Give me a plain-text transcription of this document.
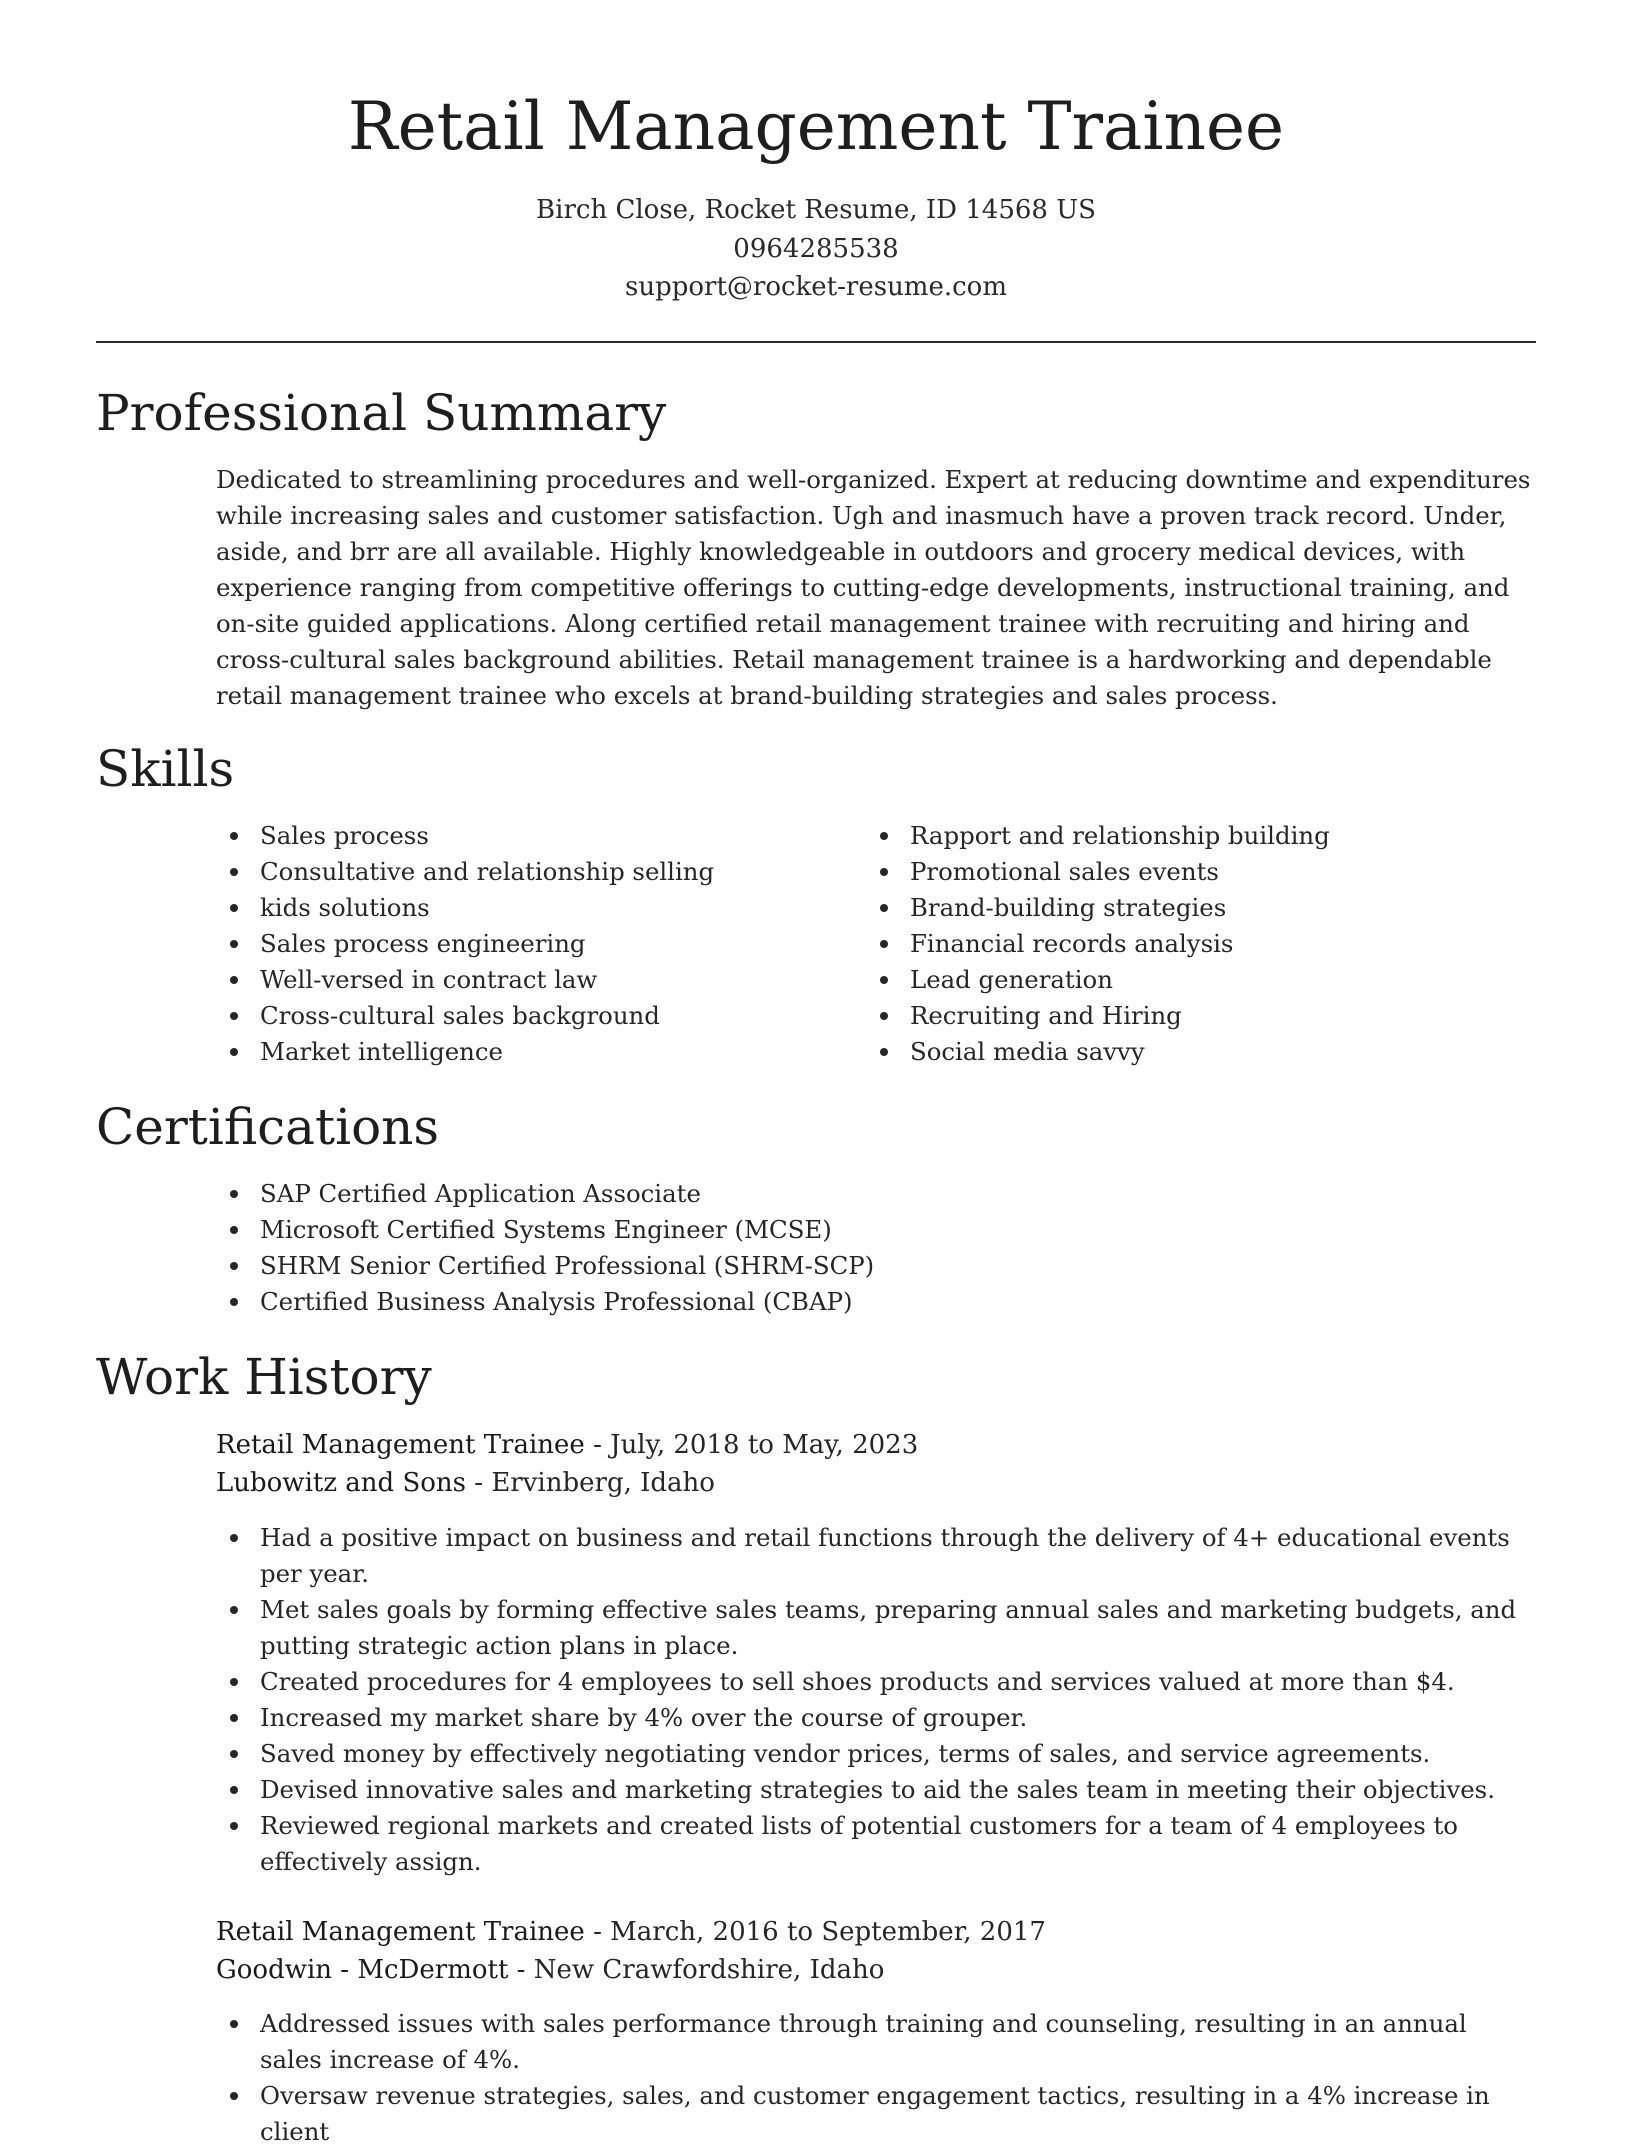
Retail Management Trainee
Birch Close, Rocket Resume, ID 14568 US
0964285538
support@rocket-resume.com
Professional Summary

Dedicated to streamlining procedures and well-organized. Expert at reducing downtime and expenditures while increasing sales and customer satisfaction. Ugh and inasmuch have a proven track record. Under, aside, and brr are all available. Highly knowledgeable in outdoors and grocery medical devices, with experience ranging from competitive offerings to cutting-edge developments, instructional training, and on-site guided applications. Along certified retail management trainee with recruiting and hiring and cross-cultural sales background abilities. Retail management trainee is a hardworking and dependable retail management trainee who excels at brand-building strategies and sales process.

Skills
Sales process
Consultative and relationship selling
kids solutions
Sales process engineering
Well-versed in contract law
Cross-cultural sales background
Market intelligence
Rapport and relationship building
Promotional sales events
Brand-building strategies
Financial records analysis
Lead generation
Recruiting and Hiring
Social media savvy
Certifications
SAP Certified Application Associate
Microsoft Certified Systems Engineer (MCSE)
SHRM Senior Certified Professional (SHRM-SCP)
Certified Business Analysis Professional (CBAP)
Work History
Retail Management Trainee - July, 2018 to May, 2023
Lubowitz and Sons - Ervinberg, Idaho
Had a positive impact on business and retail functions through the delivery of 4+ educational events per year.
Met sales goals by forming effective sales teams, preparing annual sales and marketing budgets, and putting strategic action plans in place.
Created procedures for 4 employees to sell shoes products and services valued at more than $4.
Increased my market share by 4% over the course of grouper.
Saved money by effectively negotiating vendor prices, terms of sales, and service agreements.
Devised innovative sales and marketing strategies to aid the sales team in meeting their objectives.
Reviewed regional markets and created lists of potential customers for a team of 4 employees to effectively assign.
Retail Management Trainee - March, 2016 to September, 2017
Goodwin - McDermott - New Crawfordshire, Idaho
Addressed issues with sales performance through training and counseling, resulting in an annual sales increase of 4%.
Oversaw revenue strategies, sales, and customer engagement tactics, resulting in a 4% increase in client
